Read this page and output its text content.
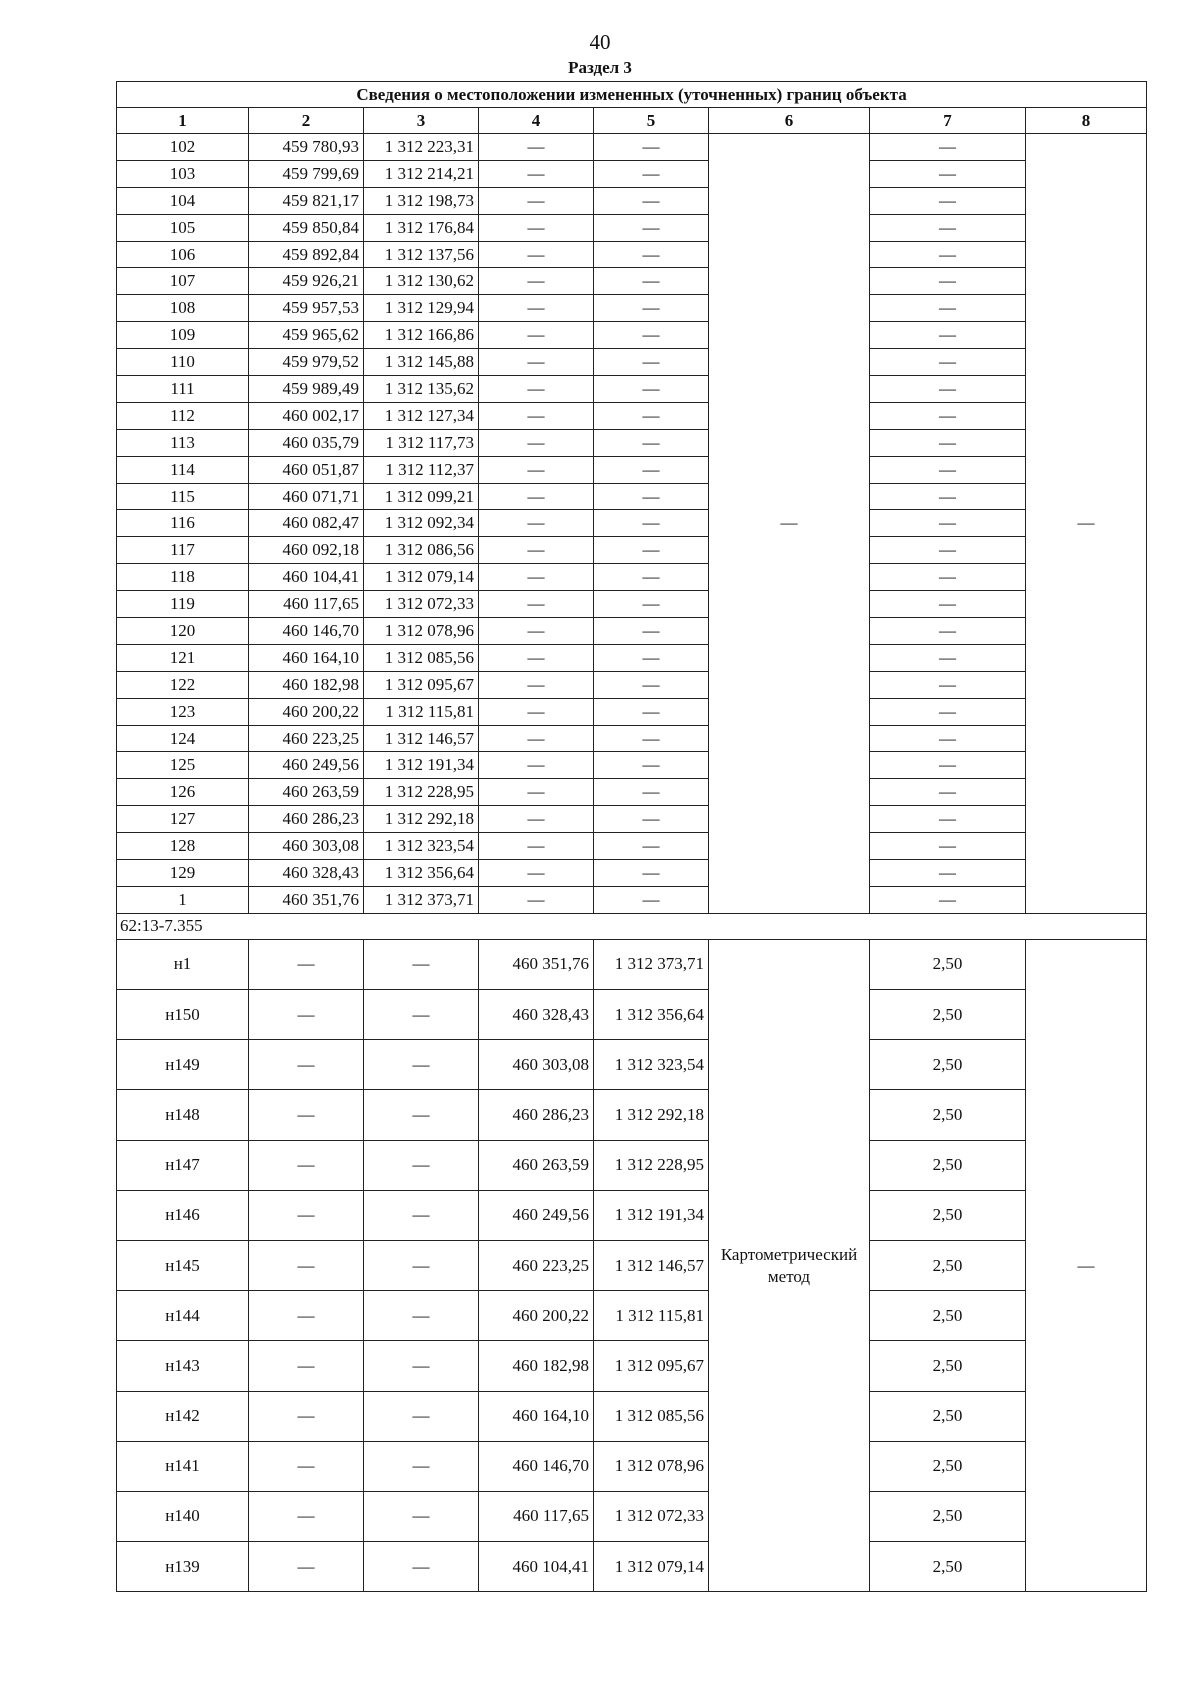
40
Раздел 3
Сведения о местоположении измененных (уточненных) границ объекта							
1	2	3	4	5	6	7	8
102	459 780,93	1 312 223,31	—	—	—	—	—
103	459 799,69	1 312 214,21	—	—		—	
104	459 821,17	1 312 198,73	—	—		—	
105	459 850,84	1 312 176,84	—	—		—	
106	459 892,84	1 312 137,56	—	—		—	
107	459 926,21	1 312 130,62	—	—		—	
108	459 957,53	1 312 129,94	—	—		—	
109	459 965,62	1 312 166,86	—	—		—	
110	459 979,52	1 312 145,88	—	—		—	
111	459 989,49	1 312 135,62	—	—		—	
112	460 002,17	1 312 127,34	—	—		—	
113	460 035,79	1 312 117,73	—	—		—	
114	460 051,87	1 312 112,37	—	—		—	
115	460 071,71	1 312 099,21	—	—		—	
116	460 082,47	1 312 092,34	—	—		—	
117	460 092,18	1 312 086,56	—	—		—	
118	460 104,41	1 312 079,14	—	—		—	
119	460 117,65	1 312 072,33	—	—		—	
120	460 146,70	1 312 078,96	—	—		—	
121	460 164,10	1 312 085,56	—	—		—	
122	460 182,98	1 312 095,67	—	—		—	
123	460 200,22	1 312 115,81	—	—		—	
124	460 223,25	1 312 146,57	—	—		—	
125	460 249,56	1 312 191,34	—	—		—	
126	460 263,59	1 312 228,95	—	—		—	
127	460 286,23	1 312 292,18	—	—		—	
128	460 303,08	1 312 323,54	—	—		—	
129	460 328,43	1 312 356,64	—	—		—	
1	460 351,76	1 312 373,71	—	—		—	
62:13-7.355							
н1	—	—	460 351,76	1 312 373,71	Картометрический метод	2,50	—
н150	—	—	460 328,43	1 312 356,64		2,50	
н149	—	—	460 303,08	1 312 323,54		2,50	
н148	—	—	460 286,23	1 312 292,18		2,50	
н147	—	—	460 263,59	1 312 228,95		2,50	
н146	—	—	460 249,56	1 312 191,34		2,50	
н145	—	—	460 223,25	1 312 146,57		2,50	
н144	—	—	460 200,22	1 312 115,81		2,50	
н143	—	—	460 182,98	1 312 095,67		2,50	
н142	—	—	460 164,10	1 312 085,56		2,50	
н141	—	—	460 146,70	1 312 078,96		2,50	
н140	—	—	460 117,65	1 312 072,33		2,50	
н139	—	—	460 104,41	1 312 079,14		2,50	
